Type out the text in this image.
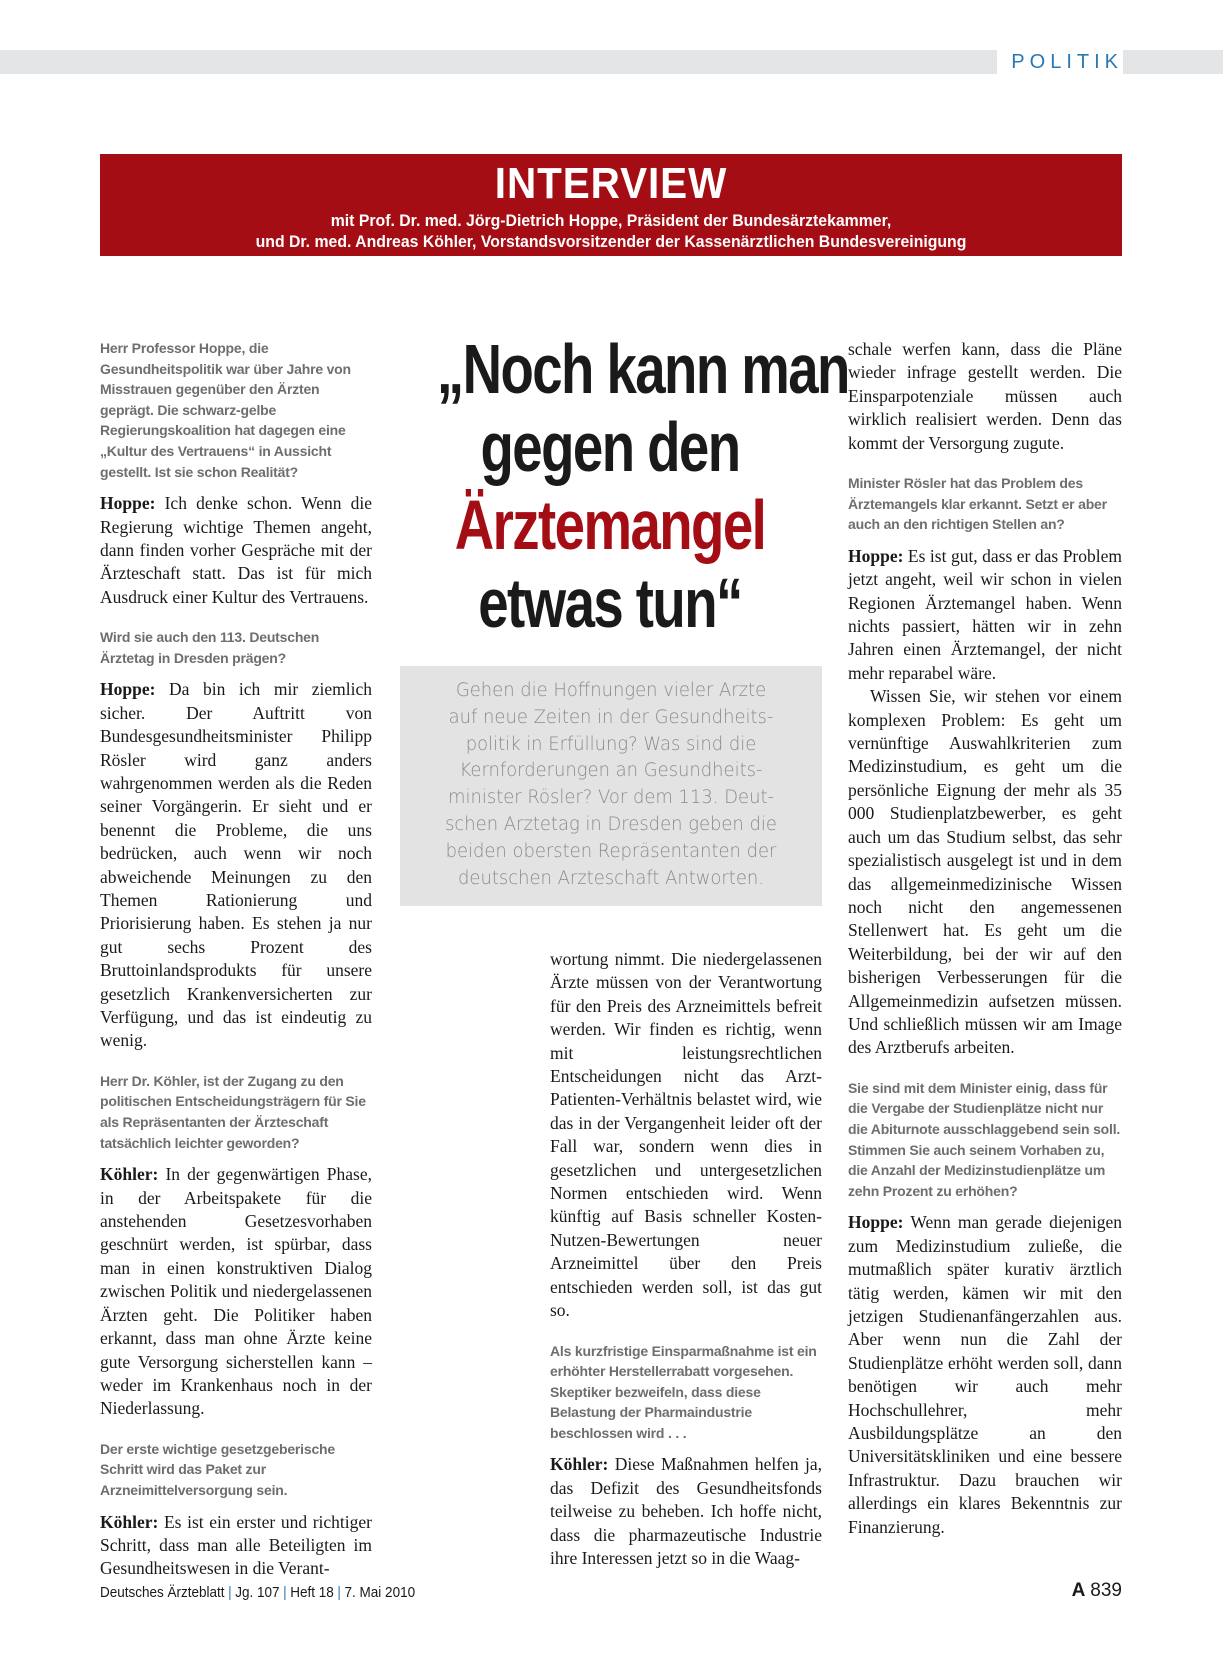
POLITIK
INTERVIEW
mit Prof. Dr. med. Jörg-Dietrich Hoppe, Präsident der Bundesärztekammer,
und Dr. med. Andreas Köhler, Vorstandsvorsitzender der Kassenärztlichen Bundesvereinigung

Herr Professor Hoppe, die Gesundheitspolitik war über Jahre von Misstrauen gegenüber den Ärzten geprägt. Die schwarz-gelbe Regierungskoalition hat dagegen eine „Kultur des Vertrauens“ in Aussicht gestellt. Ist sie schon Realität?

Hoppe: Ich denke schon. Wenn die Regierung wichtige Themen angeht, dann finden vorher Gespräche mit der Ärzteschaft statt. Das ist für mich Ausdruck einer Kultur des Vertrauens.

Wird sie auch den 113. Deutschen Ärztetag in Dresden prägen?

Hoppe: Da bin ich mir ziemlich sicher. Der Auftritt von Bundesgesundheitsminister Philipp Rösler wird ganz anders wahrgenommen werden als die Reden seiner Vorgängerin. Er sieht und er benennt die Probleme, die uns bedrücken, auch wenn wir noch abweichende Meinungen zu den Themen Rationierung und Priorisierung haben. Es stehen ja nur gut sechs Prozent des Bruttoinlandsprodukts für unsere gesetzlich Krankenversicherten zur Verfügung, und das ist eindeutig zu wenig.

Herr Dr. Köhler, ist der Zugang zu den politischen Entscheidungsträgern für Sie als Repräsentanten der Ärzteschaft tatsächlich leichter geworden?

Köhler: In der gegenwärtigen Phase, in der Arbeitspakete für die anstehenden Gesetzesvorhaben geschnürt werden, ist spürbar, dass man in einen konstruktiven Dialog zwischen Politik und niedergelassenen Ärzten geht. Die Politiker haben erkannt, dass man ohne Ärzte keine gute Versorgung sicherstellen kann – weder im Krankenhaus noch in der Niederlassung.

Der erste wichtige gesetzgeberische Schritt wird das Paket zur Arzneimittelversorgung sein.

Köhler: Es ist ein erster und richtiger Schritt, dass man alle Beteiligten im Gesundheitswesen in die Verant-

„Noch kann man
gegen den
Ärztemangel
etwas tun“
Gehen die Hoffnungen vieler Ärzte
auf neue Zeiten in der Gesundheits-
politik in Erfüllung? Was sind die
Kernforderungen an Gesundheits-
minister Rösler? Vor dem 113. Deut-
schen Ärztetag in Dresden geben die
beiden obersten Repräsentanten der
deutschen Ärzteschaft Antworten.

wortung nimmt. Die niedergelassenen Ärzte müssen von der Verantwortung für den Preis des Arzneimittels befreit werden. Wir finden es richtig, wenn mit leistungsrechtlichen Entscheidungen nicht das Arzt-Patienten-Verhältnis belastet wird, wie das in der Vergangenheit leider oft der Fall war, sondern wenn dies in gesetzlichen und untergesetzlichen Normen entschieden wird. Wenn künftig auf Basis schneller Kosten-Nutzen-Bewertungen neuer Arzneimittel über den Preis entschieden werden soll, ist das gut so.

Als kurzfristige Einsparmaßnahme ist ein erhöhter Herstellerrabatt vorgesehen. Skeptiker bezweifeln, dass diese Belastung der Pharmaindustrie beschlossen wird . . .

Köhler: Diese Maßnahmen helfen ja, das Defizit des Gesundheitsfonds teilweise zu beheben. Ich hoffe nicht, dass die pharmazeutische Industrie ihre Interessen jetzt so in die Waag-

schale werfen kann, dass die Pläne wieder infrage gestellt werden. Die Einsparpotenziale müssen auch wirklich realisiert werden. Denn das kommt der Versorgung zugute.

Minister Rösler hat das Problem des Ärztemangels klar erkannt. Setzt er aber auch an den richtigen Stellen an?

Hoppe: Es ist gut, dass er das Problem jetzt angeht, weil wir schon in vielen Regionen Ärztemangel haben. Wenn nichts passiert, hätten wir in zehn Jahren einen Ärztemangel, der nicht mehr reparabel wäre.

Wissen Sie, wir stehen vor einem komplexen Problem: Es geht um vernünftige Auswahlkriterien zum Medizinstudium, es geht um die persönliche Eignung der mehr als 35 000 Studienplatzbewerber, es geht auch um das Studium selbst, das sehr spezialistisch ausgelegt ist und in dem das allgemeinmedizinische Wissen noch nicht den angemessenen Stellenwert hat. Es geht um die Weiterbildung, bei der wir auf den bisherigen Verbesserungen für die Allgemeinmedizin aufsetzen müssen. Und schließlich müssen wir am Image des Arztberufs arbeiten.

Sie sind mit dem Minister einig, dass für die Vergabe der Studienplätze nicht nur die Abiturnote ausschlaggebend sein soll. Stimmen Sie auch seinem Vorhaben zu, die Anzahl der Medizinstudienplätze um zehn Prozent zu erhöhen?

Hoppe: Wenn man gerade diejenigen zum Medizinstudium zuließe, die mutmaßlich später kurativ ärztlich tätig werden, kämen wir mit den jetzigen Studienanfängerzahlen aus. Aber wenn nun die Zahl der Studienplätze erhöht werden soll, dann benötigen wir auch mehr Hochschullehrer, mehr Ausbildungsplätze an den Universitätskliniken und eine bessere Infrastruktur. Dazu brauchen wir allerdings ein klares Bekenntnis zur Finanzierung.

Deutsches Ärzteblatt | Jg. 107 | Heft 18 | 7. Mai 2010	A 839
